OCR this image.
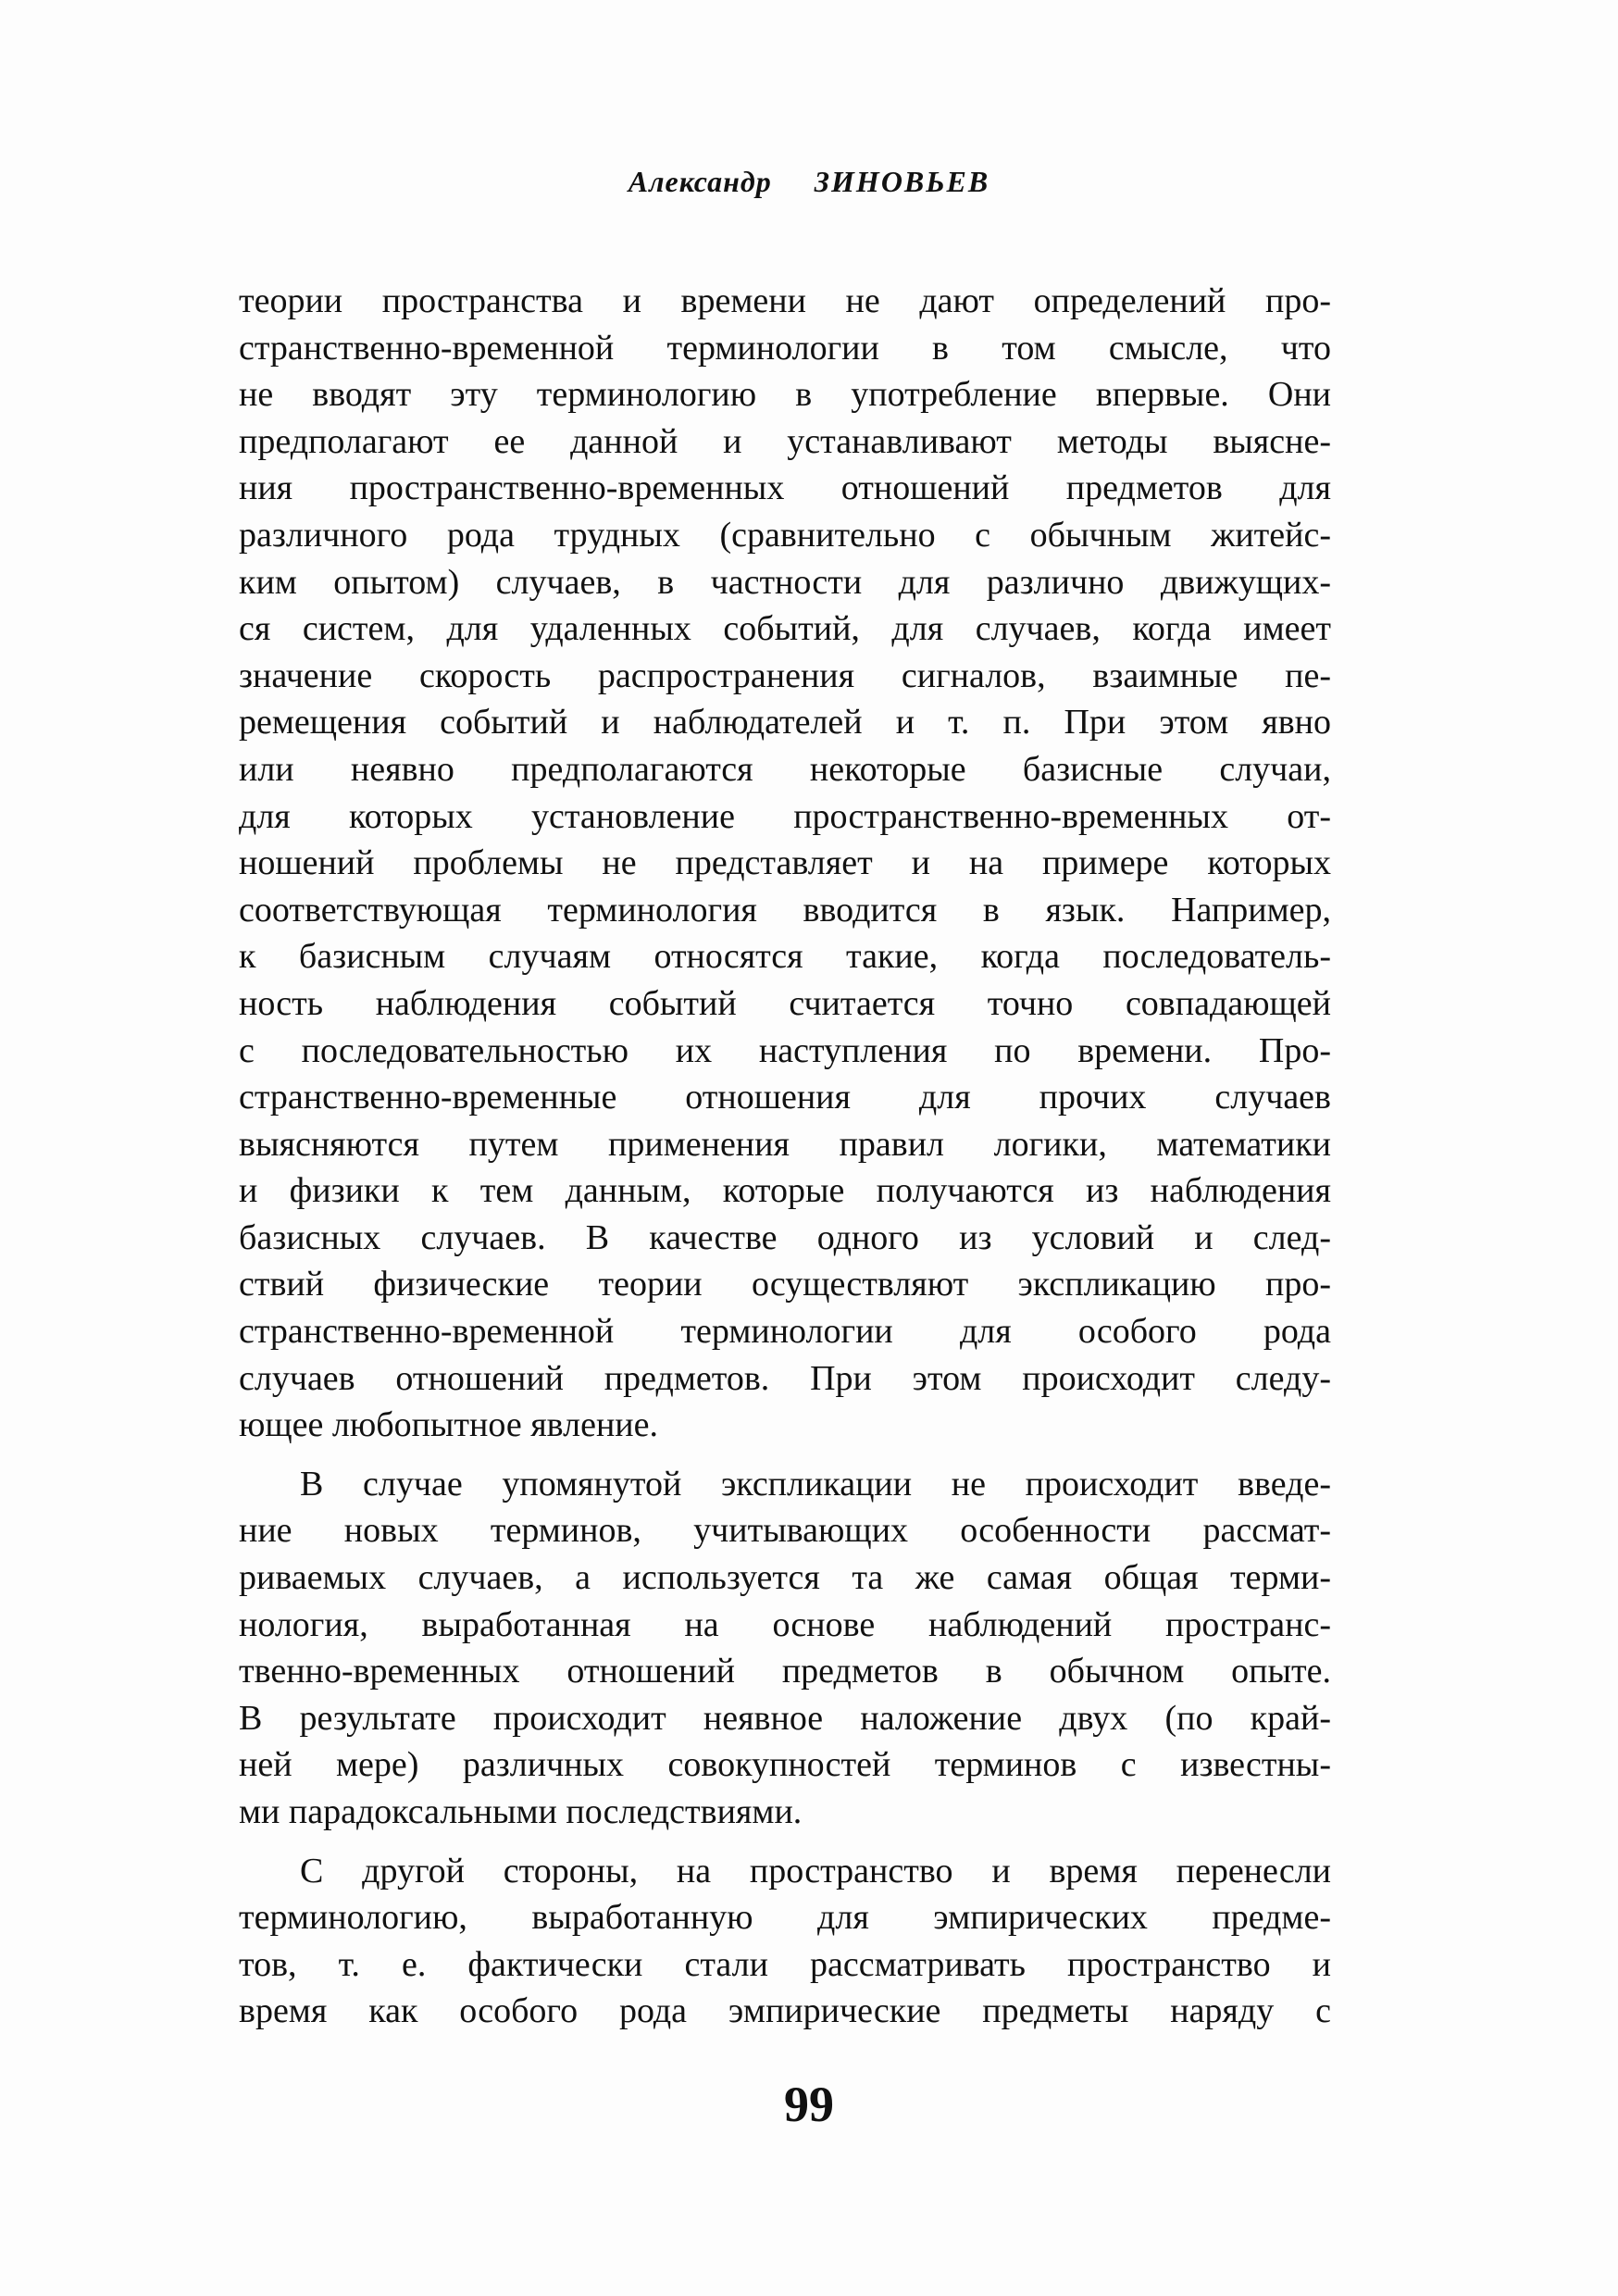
Александр ЗИНОВЬЕВ
теории пространства и времени не дают определений про-
странственно-временной терминологии в том смысле, что
не вводят эту терминологию в употребление впервые. Они
предполагают ее данной и устанавливают методы выясне-
ния пространственно-временных отношений предметов для
различного рода трудных (сравнительно с обычным житейс-
ким опытом) случаев, в частности для различно движущих-
ся систем, для удаленных событий, для случаев, когда имеет
значение скорость распространения сигналов, взаимные пе-
ремещения событий и наблюдателей и т. п. При этом явно
или неявно предполагаются некоторые базисные случаи,
для которых установление пространственно-временных от-
ношений проблемы не представляет и на примере которых
соответствующая терминология вводится в язык. Например,
к базисным случаям относятся такие, когда последователь-
ность наблюдения событий считается точно совпадающей
с последовательностью их наступления по времени. Про-
странственно-временные отношения для прочих случаев
выясняются путем применения правил логики, математики
и физики к тем данным, которые получаются из наблюдения
базисных случаев. В качестве одного из условий и след-
ствий физические теории осуществляют экспликацию про-
странственно-временной терминологии для особого рода
случаев отношений предметов. При этом происходит следу-
ющее любопытное явление.
В случае упомянутой экспликации не происходит введе-
ние новых терминов, учитывающих особенности рассмат-
риваемых случаев, а используется та же самая общая терми-
нология, выработанная на основе наблюдений пространс-
твенно-временных отношений предметов в обычном опыте.
В результате происходит неявное наложение двух (по край-
ней мере) различных совокупностей терминов с известны-
ми парадоксальными последствиями.
С другой стороны, на пространство и время перенесли
терминологию, выработанную для эмпирических предме-
тов, т. е. фактически стали рассматривать пространство и
время как особого рода эмпирические предметы наряду с
99
